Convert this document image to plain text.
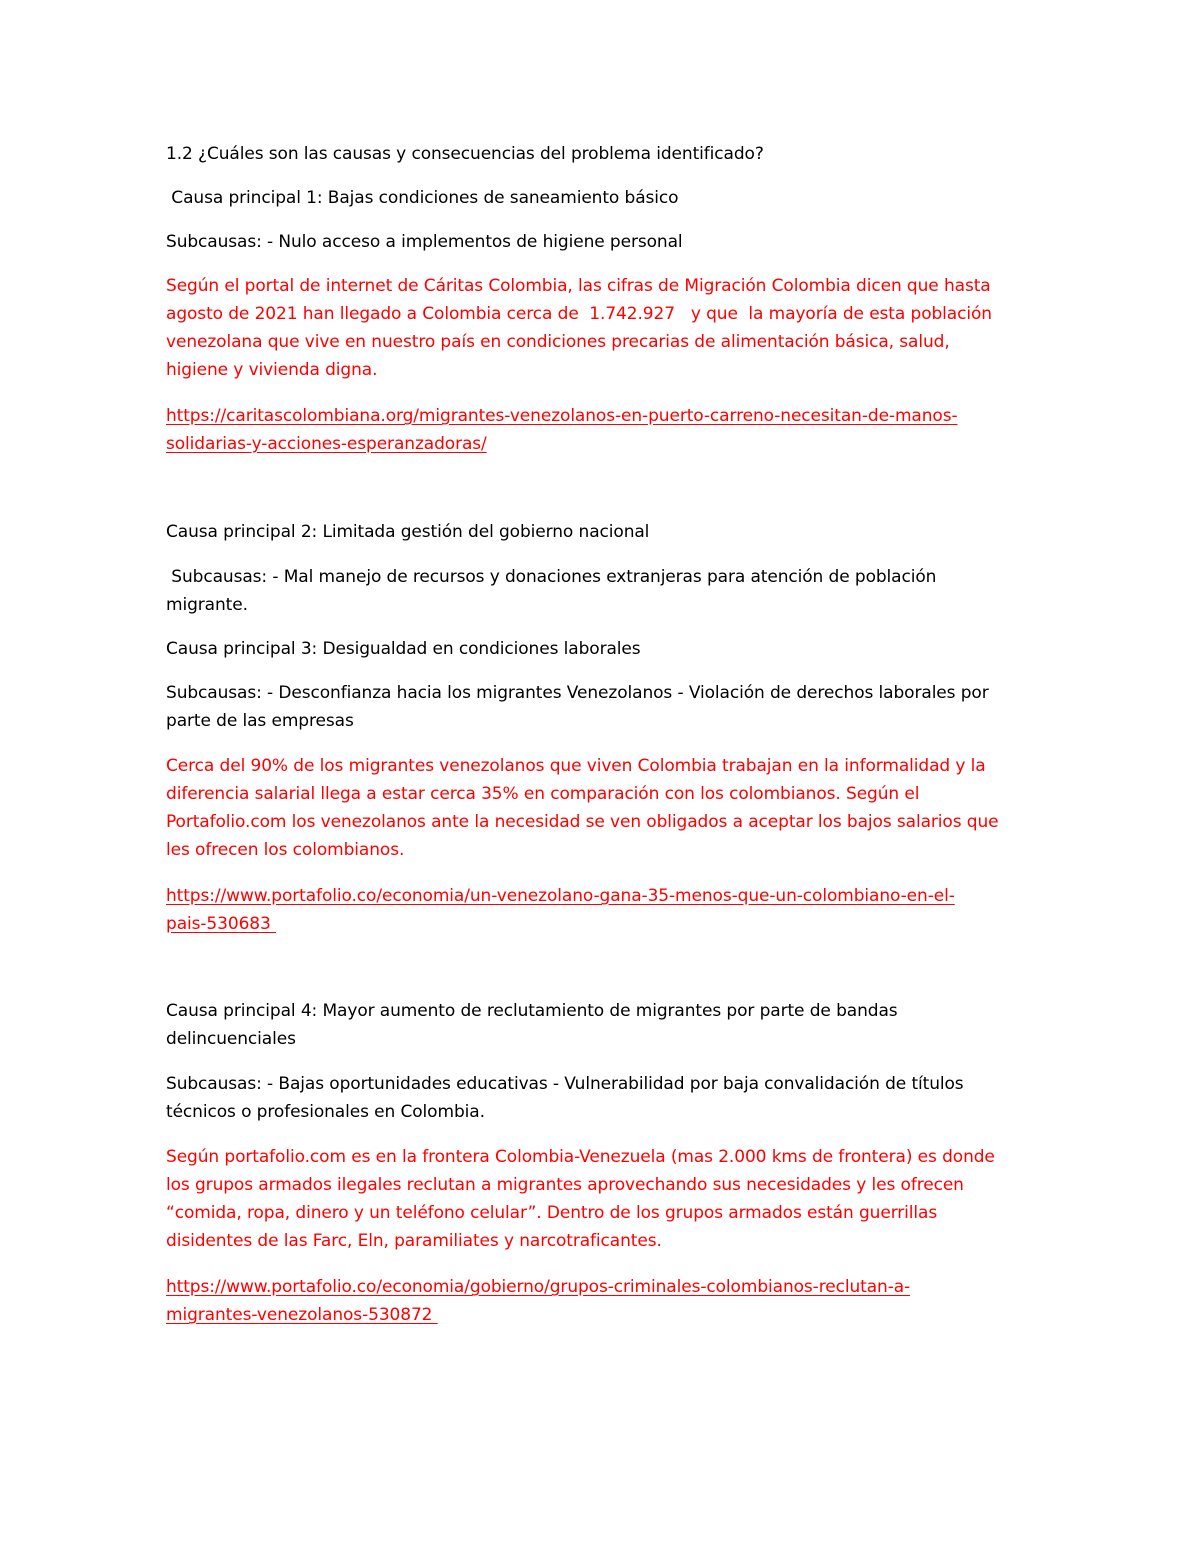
1.2 ¿Cuáles son las causas y consecuencias del problema identificado?
Causa principal 1: Bajas condiciones de saneamiento básico
Subcausas: - Nulo acceso a implementos de higiene personal
Según el portal de internet de Cáritas Colombia, las cifras de Migración Colombia dicen que hasta
agosto de 2021 han llegado a Colombia cerca de  1.742.927   y que  la mayoría de esta población
venezolana que vive en nuestro país en condiciones precarias de alimentación básica, salud,
higiene y vivienda digna.
https://caritascolombiana.org/migrantes-venezolanos-en-puerto-carreno-necesitan-de-manos-
solidarias-y-acciones-esperanzadoras/
Causa principal 2: Limitada gestión del gobierno nacional
Subcausas: - Mal manejo de recursos y donaciones extranjeras para atención de población
migrante.
Causa principal 3: Desigualdad en condiciones laborales
Subcausas: - Desconfianza hacia los migrantes Venezolanos - Violación de derechos laborales por
parte de las empresas
Cerca del 90% de los migrantes venezolanos que viven Colombia trabajan en la informalidad y la
diferencia salarial llega a estar cerca 35% en comparación con los colombianos. Según el
Portafolio.com los venezolanos ante la necesidad se ven obligados a aceptar los bajos salarios que
les ofrecen los colombianos.
https://www.portafolio.co/economia/un-venezolano-gana-35-menos-que-un-colombiano-en-el-
pais-530683
Causa principal 4: Mayor aumento de reclutamiento de migrantes por parte de bandas
delincuenciales
Subcausas: - Bajas oportunidades educativas - Vulnerabilidad por baja convalidación de títulos
técnicos o profesionales en Colombia.
Según portafolio.com es en la frontera Colombia-Venezuela (mas 2.000 kms de frontera) es donde
los grupos armados ilegales reclutan a migrantes aprovechando sus necesidades y les ofrecen
“comida, ropa, dinero y un teléfono celular”. Dentro de los grupos armados están guerrillas
disidentes de las Farc, Eln, paramiliates y narcotraficantes.
https://www.portafolio.co/economia/gobierno/grupos-criminales-colombianos-reclutan-a-
migrantes-venezolanos-530872
